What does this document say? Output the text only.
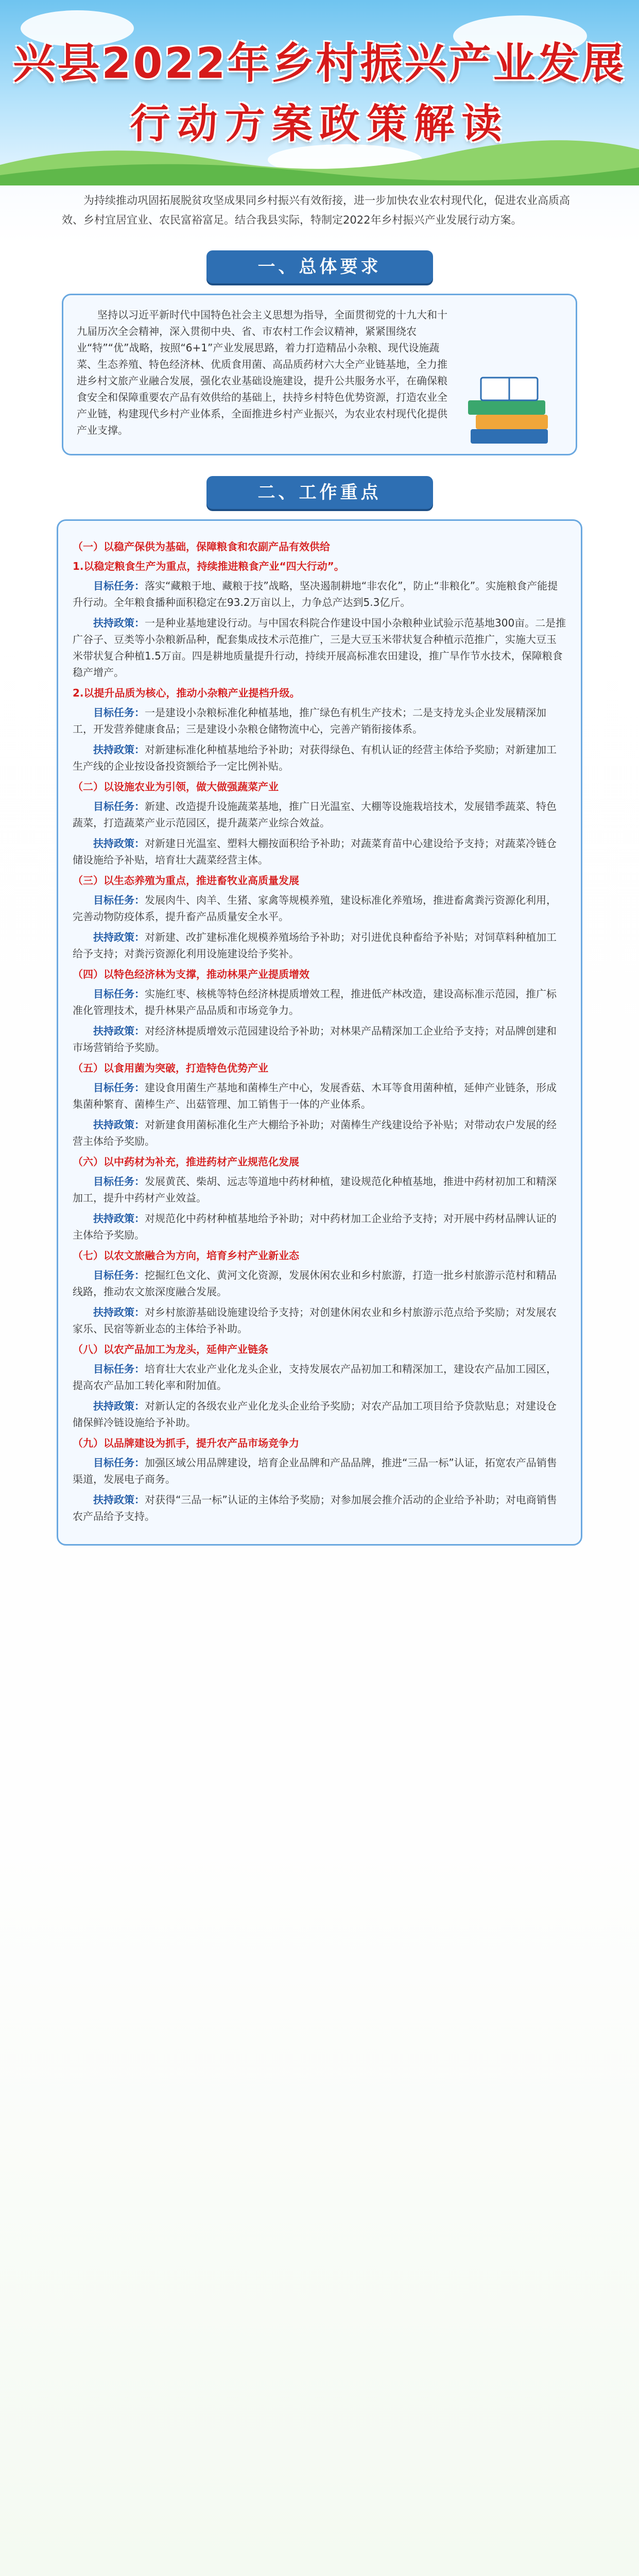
兴县2022年乡村振兴产业发展
行动方案政策解读

为持续推动巩固拓展脱贫攻坚成果同乡村振兴有效衔接，进一步加快农业农村现代化，促进农业高质高效、乡村宜居宜业、农民富裕富足。结合我县实际，特制定2022年乡村振兴产业发展行动方案。

一、总体要求

坚持以习近平新时代中国特色社会主义思想为指导，全面贯彻党的十九大和十九届历次全会精神，深入贯彻中央、省、市农村工作会议精神，紧紧围绕农业“特”“优”战略，按照“6+1”产业发展思路，着力打造精品小杂粮、现代设施蔬菜、生态养殖、特色经济林、优质食用菌、高品质药材六大全产业链基地，全力推进乡村文旅产业融合发展，强化农业基础设施建设，提升公共服务水平，在确保粮食安全和保障重要农产品有效供给的基础上，扶持乡村特色优势资源，打造农业全产业链，构建现代乡村产业体系，全面推进乡村产业振兴，为农业农村现代化提供产业支撑。

二、工作重点

（一）以稳产保供为基础，保障粮食和农副产品有效供给

1.以稳定粮食生产为重点，持续推进粮食产业“四大行动”。

目标任务：落实“藏粮于地、藏粮于技”战略，坚决遏制耕地“非农化”，防止“非粮化”。实施粮食产能提升行动。全年粮食播种面积稳定在93.2万亩以上，力争总产达到5.3亿斤。

扶持政策：一是种业基地建设行动。与中国农科院合作建设中国小杂粮种业试验示范基地300亩。二是推广谷子、豆类等小杂粮新品种，配套集成技术示范推广，三是大豆玉米带状复合种植示范推广，实施大豆玉米带状复合种植1.5万亩。四是耕地质量提升行动，持续开展高标准农田建设，推广旱作节水技术，保障粮食稳产增产。

2.以提升品质为核心，推动小杂粮产业提档升级。

目标任务：一是建设小杂粮标准化种植基地，推广绿色有机生产技术；二是支持龙头企业发展精深加工，开发营养健康食品；三是建设小杂粮仓储物流中心，完善产销衔接体系。

扶持政策：对新建标准化种植基地给予补助；对获得绿色、有机认证的经营主体给予奖励；对新建加工生产线的企业按设备投资额给予一定比例补贴。

（二）以设施农业为引领，做大做强蔬菜产业

目标任务：新建、改造提升设施蔬菜基地，推广日光温室、大棚等设施栽培技术，发展错季蔬菜、特色蔬菜，打造蔬菜产业示范园区，提升蔬菜产业综合效益。

扶持政策：对新建日光温室、塑料大棚按面积给予补助；对蔬菜育苗中心建设给予支持；对蔬菜冷链仓储设施给予补贴，培育壮大蔬菜经营主体。

（三）以生态养殖为重点，推进畜牧业高质量发展

目标任务：发展肉牛、肉羊、生猪、家禽等规模养殖，建设标准化养殖场，推进畜禽粪污资源化利用，完善动物防疫体系，提升畜产品质量安全水平。

扶持政策：对新建、改扩建标准化规模养殖场给予补助；对引进优良种畜给予补贴；对饲草料种植加工给予支持；对粪污资源化利用设施建设给予奖补。

（四）以特色经济林为支撑，推动林果产业提质增效

目标任务：实施红枣、核桃等特色经济林提质增效工程，推进低产林改造，建设高标准示范园，推广标准化管理技术，提升林果产品品质和市场竞争力。

扶持政策：对经济林提质增效示范园建设给予补助；对林果产品精深加工企业给予支持；对品牌创建和市场营销给予奖励。

（五）以食用菌为突破，打造特色优势产业

目标任务：建设食用菌生产基地和菌棒生产中心，发展香菇、木耳等食用菌种植，延伸产业链条，形成集菌种繁育、菌棒生产、出菇管理、加工销售于一体的产业体系。

扶持政策：对新建食用菌标准化生产大棚给予补助；对菌棒生产线建设给予补贴；对带动农户发展的经营主体给予奖励。

（六）以中药材为补充，推进药材产业规范化发展

目标任务：发展黄芪、柴胡、远志等道地中药材种植，建设规范化种植基地，推进中药材初加工和精深加工，提升中药材产业效益。

扶持政策：对规范化中药材种植基地给予补助；对中药材加工企业给予支持；对开展中药材品牌认证的主体给予奖励。

（七）以农文旅融合为方向，培育乡村产业新业态

目标任务：挖掘红色文化、黄河文化资源，发展休闲农业和乡村旅游，打造一批乡村旅游示范村和精品线路，推动农文旅深度融合发展。

扶持政策：对乡村旅游基础设施建设给予支持；对创建休闲农业和乡村旅游示范点给予奖励；对发展农家乐、民宿等新业态的主体给予补助。

（八）以农产品加工为龙头，延伸产业链条

目标任务：培育壮大农业产业化龙头企业，支持发展农产品初加工和精深加工，建设农产品加工园区，提高农产品加工转化率和附加值。

扶持政策：对新认定的各级农业产业化龙头企业给予奖励；对农产品加工项目给予贷款贴息；对建设仓储保鲜冷链设施给予补助。

（九）以品牌建设为抓手，提升农产品市场竞争力

目标任务：加强区域公用品牌建设，培育企业品牌和产品品牌，推进“三品一标”认证，拓宽农产品销售渠道，发展电子商务。

扶持政策：对获得“三品一标”认证的主体给予奖励；对参加展会推介活动的企业给予补助；对电商销售农产品给予支持。
